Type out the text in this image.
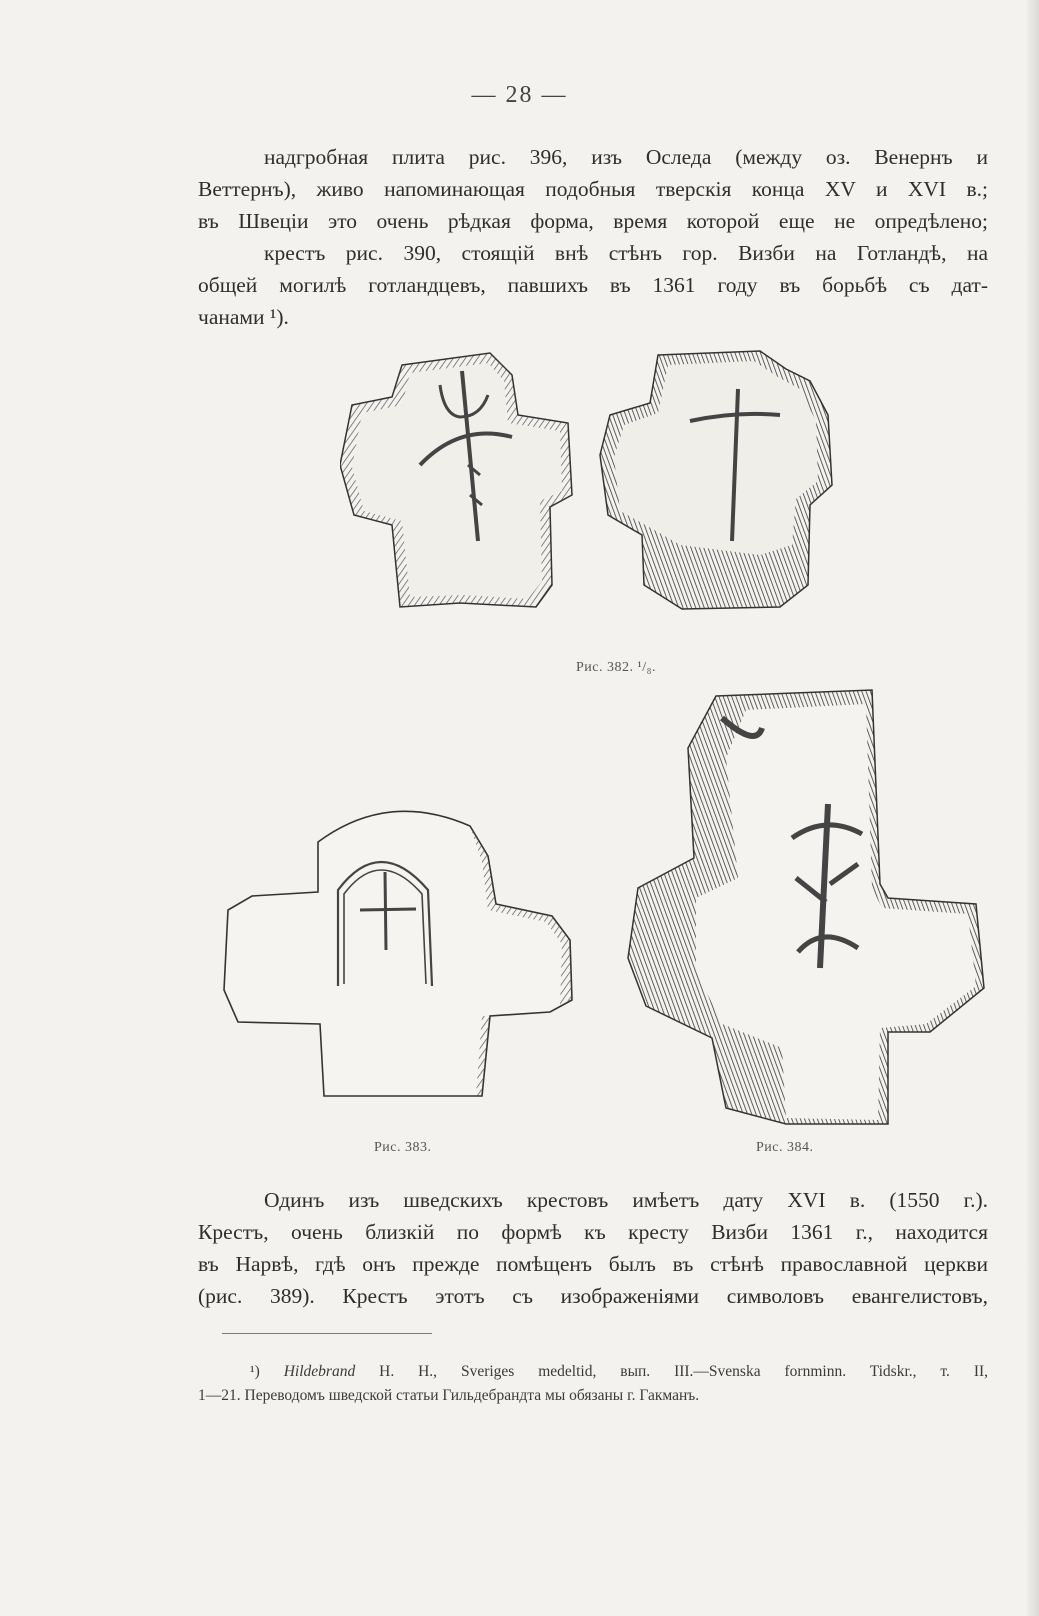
— 28 —
надгробная плита рис. 396, изъ Оследа (между оз. Венернъ и
Веттернъ), живо напоминающая подобныя тверскія конца XV и XVI в.;
въ Швеціи это очень рѣдкая форма, время которой еще не опредѣлено;
крестъ рис. 390, стоящій внѣ стѣнъ гор. Визби на Готландѣ, на
общей могилѣ готландцевъ, павшихъ въ 1361 году въ борьбѣ съ дат-
чанами ¹).
Рис. 382. ¹/₈.
Рис. 383.	Рис. 384.
Одинъ изъ шведскихъ крестовъ имѣетъ дату XVI в. (1550 г.).
Крестъ, очень близкій по формѣ къ кресту Визби 1361 г., находится
въ Нарвѣ, гдѣ онъ прежде помѣщенъ былъ въ стѣнѣ православной церкви
(рис. 389). Крестъ этотъ съ изображеніями символовъ евангелистовъ,
¹) Hildebrand H. H., Sveriges medeltid, вып. III.—Svenska fornminn. Tidskr., т. II,
1—21. Переводомъ шведской статьи Гильдебрандта мы обязаны г. Гакманъ.
